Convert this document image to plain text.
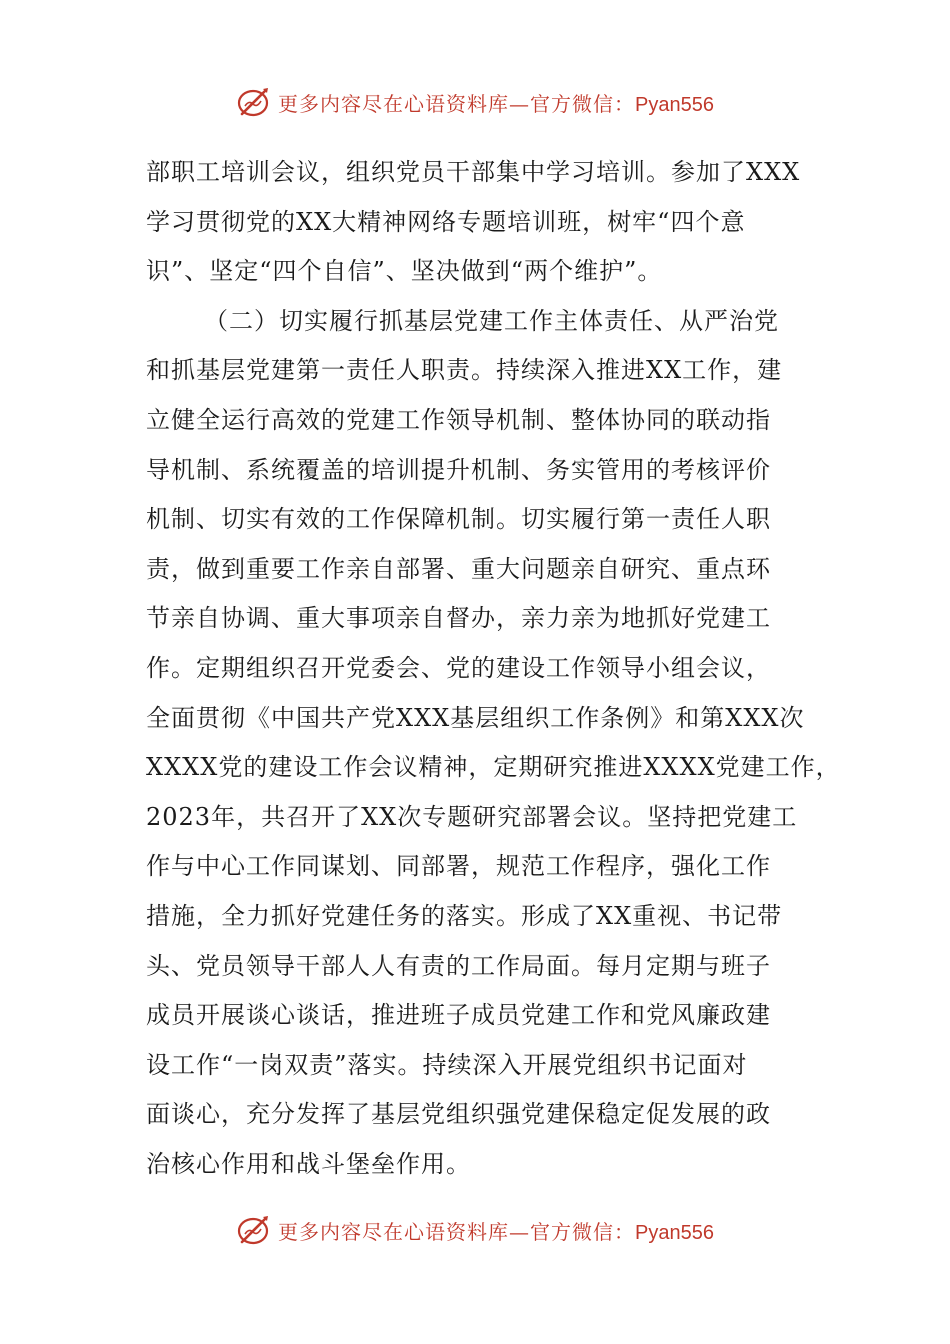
更多内容尽在心语资料库—官方微信：Pyan556
部职工培训会议，组织党员干部集中学习培训。参加了XXX
学习贯彻党的XX大精神网络专题培训班，树牢“四个意
识”、坚定“四个自信”、坚决做到“两个维护”。
（二）切实履行抓基层党建工作主体责任、从严治党
和抓基层党建第一责任人职责。持续深入推进XX工作，建
立健全运行高效的党建工作领导机制、整体协同的联动指
导机制、系统覆盖的培训提升机制、务实管用的考核评价
机制、切实有效的工作保障机制。切实履行第一责任人职
责，做到重要工作亲自部署、重大问题亲自研究、重点环
节亲自协调、重大事项亲自督办，亲力亲为地抓好党建工
作。定期组织召开党委会、党的建设工作领导小组会议，
全面贯彻《中国共产党XXX基层组织工作条例》和第XXX次
XXXX党的建设工作会议精神，定期研究推进XXXX党建工作，
2023年，共召开了XX次专题研究部署会议。坚持把党建工
作与中心工作同谋划、同部署，规范工作程序，强化工作
措施，全力抓好党建任务的落实。形成了XX重视、书记带
头、党员领导干部人人有责的工作局面。每月定期与班子
成员开展谈心谈话，推进班子成员党建工作和党风廉政建
设工作“一岗双责”落实。持续深入开展党组织书记面对
面谈心，充分发挥了基层党组织强党建保稳定促发展的政
治核心作用和战斗堡垒作用。
更多内容尽在心语资料库—官方微信：Pyan556
